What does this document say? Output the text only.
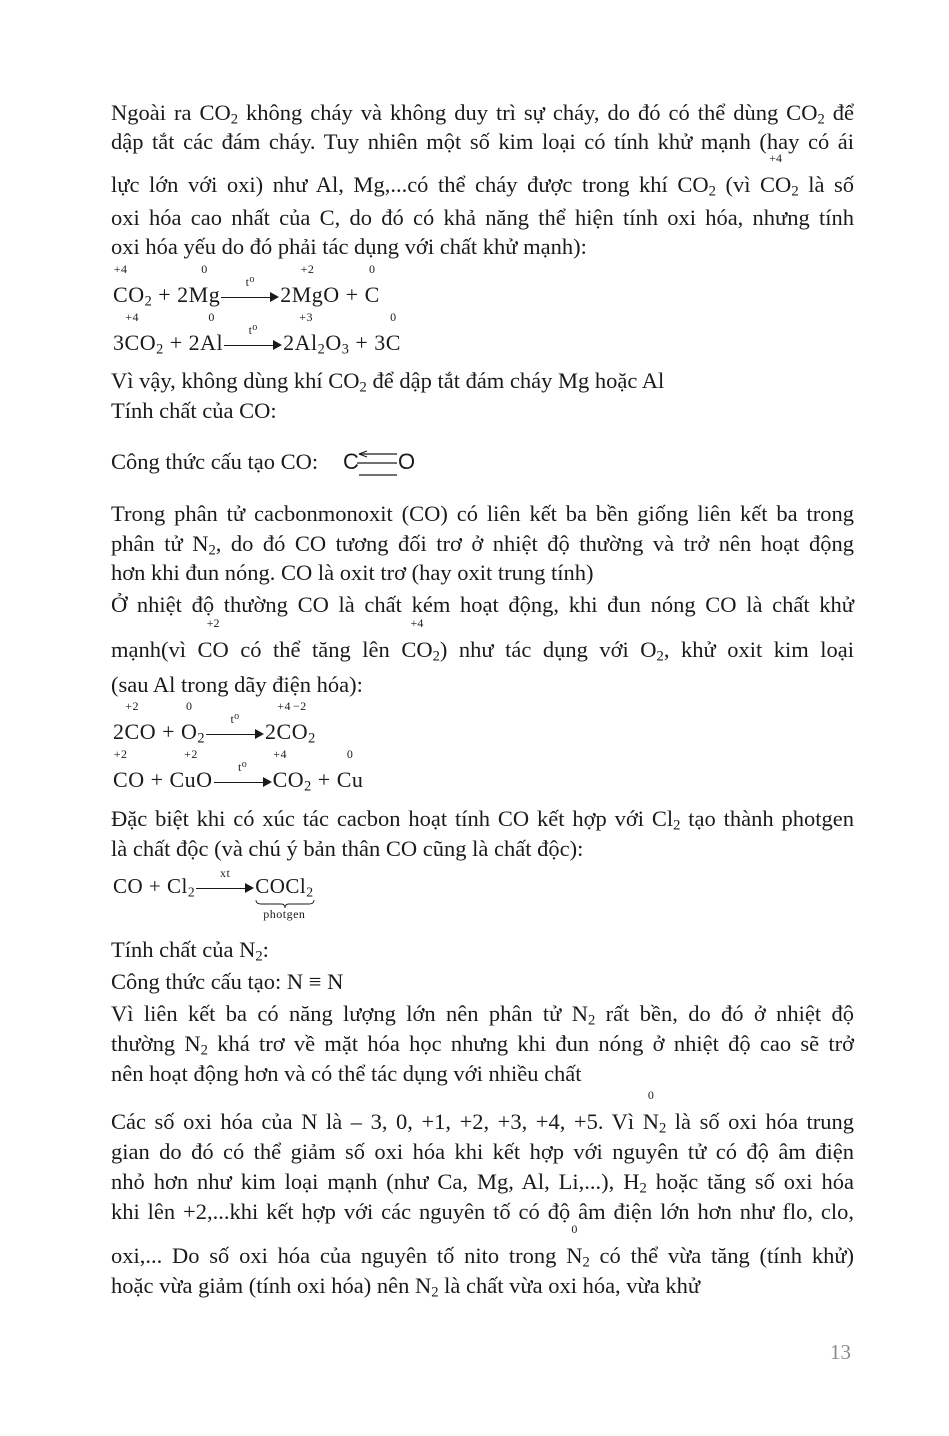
Ngoài ra $CO_2$ không cháy và không duy trì sự cháy, do đó có thể dùng $CO_2$ để
dập tắt các đám cháy. Tuy nhiên một số kim loại có tính khử mạnh (hay có ái
lực lớn với oxi) như Al, Mg,...có thể cháy được trong khí $CO_2$ (vì
+4
$CO_2$ là số
oxi hóa cao nhất của C, do đó có khả năng thể hiện tính oxi hóa, nhưng tính
oxi hóa yếu do đó phải tác dụng với chất khử mạnh):
+4
$CO_2 + 2$
0
Mg
t⁰
2
+2
MgO +
0
C
3
+4
$CO_2 + 2$
0
Al
t⁰
2
+3
$Al_2O_3 + 3$
0
C
Vì vậy, không dùng khí $CO_2$ để dập tắt đám cháy Mg hoặc Al
Tính chất của CO:
Công thức cấu tạo CO:	C O
Trong phân tử cacbonmonoxit (CO) có liên kết ba bền giống liên kết ba trong
phân tử $N_2$, do đó CO tương đối trơ ở nhiệt độ thường và trở nên hoạt động
hơn khi đun nóng. CO là oxit trơ (hay oxit trung tính)
Ở nhiệt độ thường CO là chất kém hoạt động, khi đun nóng CO là chất khử
mạnh(vì
+2
CO có thể tăng lên
+4
$CO_2$) như tác dụng với $O_2$, khử oxit kim loại
(sau Al trong dãy điện hóa):
2
+2
CO +
0
$O_2$
t⁰
2
+4
C
−2
$O_2$
+2
CO +
+2
CuO
t⁰
+4
$CO_2$ +
0
Cu
Đặc biệt khi có xúc tác cacbon hoạt tính CO kết hợp với $Cl_2$ tạo thành photgen
là chất độc (và chú ý bản thân CO cũng là chất độc):
CO + $Cl_2$
xt
COCl$_2$
photgen
Tính chất của $N_2$:
Công thức cấu tạo: N ≡ N
Vì liên kết ba có năng lượng lớn nên phân tử $N_2$ rất bền, do đó ở nhiệt độ
thường $N_2$ khá trơ về mặt hóa học nhưng khi đun nóng ở nhiệt độ cao sẽ trở
nên hoạt động hơn và có thể tác dụng với nhiều chất
Các số oxi hóa của N là – 3, 0, +1, +2, +3, +4, +5. Vì
0
$N_2$ là số oxi hóa trung
gian do đó có thể giảm số oxi hóa khi kết hợp với nguyên tử có độ âm điện
nhỏ hơn như kim loại mạnh (như Ca, Mg, Al, Li,...), $H_2$ hoặc tăng số oxi hóa
khi lên +2,...khi kết hợp với các nguyên tố có độ âm điện lớn hơn như flo, clo,
oxi,... Do số oxi hóa của nguyên tố nito trong
0
$N_2$ có thể vừa tăng (tính khử)
hoặc vừa giảm (tính oxi hóa) nên $N_2$ là chất vừa oxi hóa, vừa khử
13
